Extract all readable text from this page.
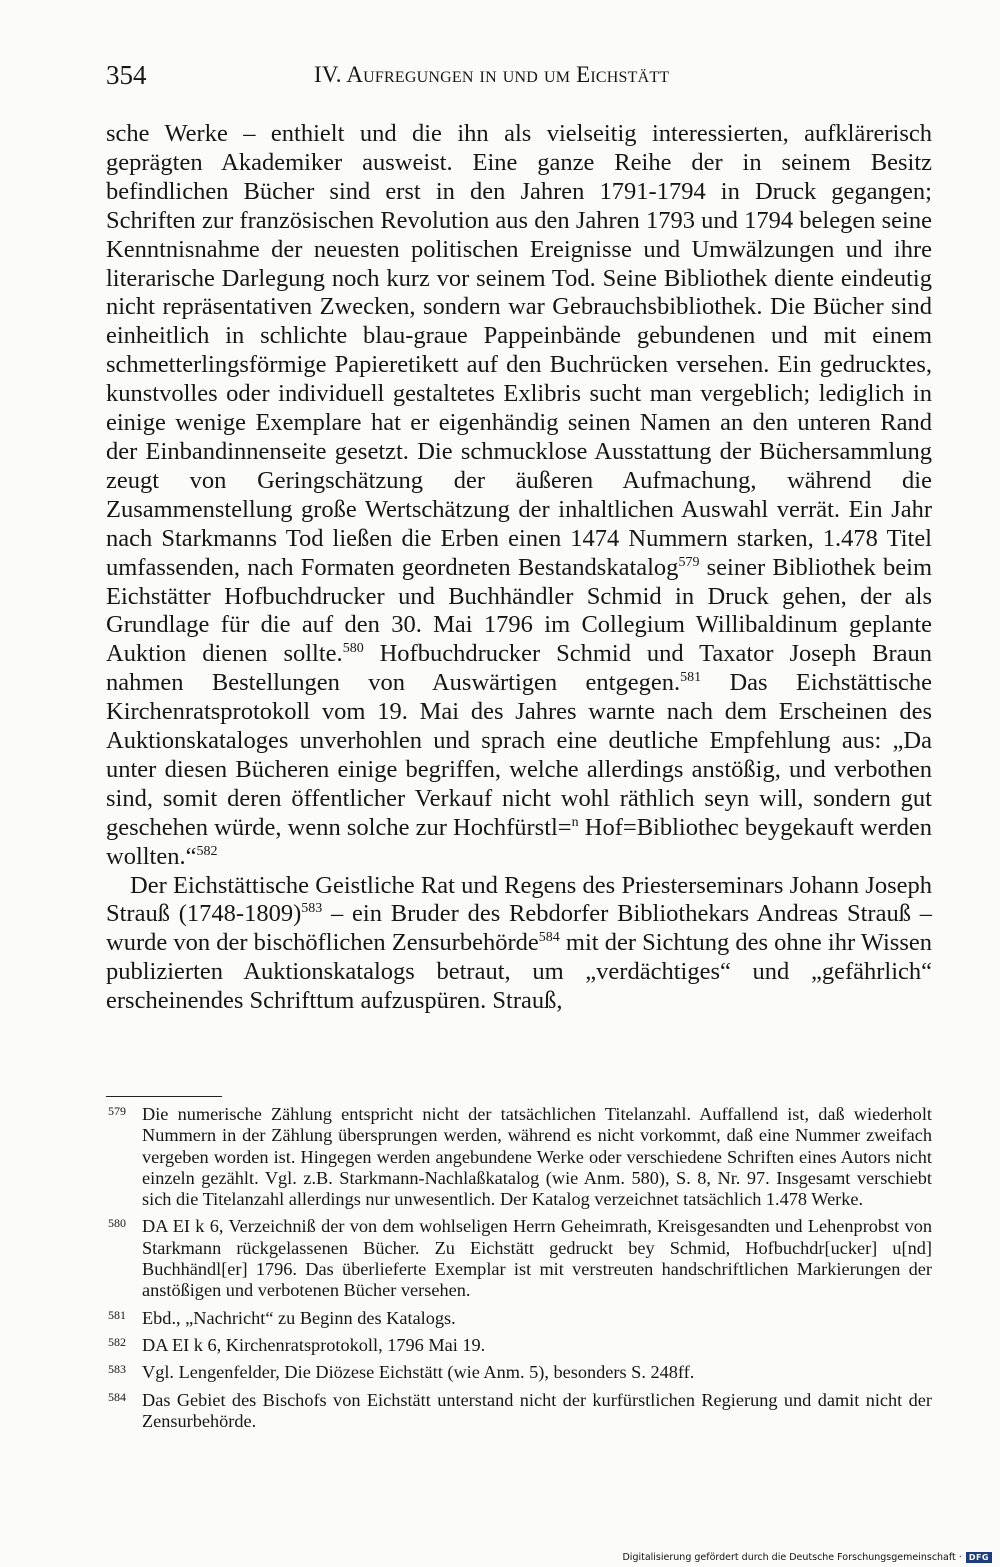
354	IV. Aufregungen in und um Eichstätt

sche Werke – enthielt und die ihn als vielseitig interessierten, aufklärerisch geprägten Akademiker ausweist. Eine ganze Reihe der in seinem Besitz befindlichen Bücher sind erst in den Jahren 1791-1794 in Druck gegangen; Schriften zur französischen Revolution aus den Jahren 1793 und 1794 belegen seine Kenntnisnahme der neuesten politischen Ereignisse und Umwälzungen und ihre literarische Darlegung noch kurz vor seinem Tod. Seine Bibliothek diente eindeutig nicht repräsentativen Zwecken, sondern war Gebrauchsbibliothek. Die Bücher sind einheitlich in schlichte blau-graue Pappeinbände gebundenen und mit einem schmetterlingsförmige Papieretikett auf den Buchrücken versehen. Ein gedrucktes, kunstvolles oder individuell gestaltetes Exlibris sucht man vergeblich; lediglich in einige wenige Exemplare hat er eigenhändig seinen Namen an den unteren Rand der Einbandinnenseite gesetzt. Die schmucklose Ausstattung der Büchersammlung zeugt von Geringschätzung der äußeren Aufmachung, während die Zusammenstellung große Wertschätzung der inhaltlichen Auswahl verrät. Ein Jahr nach Starkmanns Tod ließen die Erben einen 1474 Nummern starken, 1.478 Titel umfassenden, nach Formaten geordneten Bestandskatalog$^{579}$ seiner Bibliothek beim Eichstätter Hofbuchdrucker und Buchhändler Schmid in Druck gehen, der als Grundlage für die auf den 30. Mai 1796 im Collegium Willibaldinum geplante Auktion dienen sollte.$^{580}$ Hofbuchdrucker Schmid und Taxator Joseph Braun nahmen Bestellungen von Auswärtigen entgegen.$^{581}$ Das Eichstättische Kirchenratsprotokoll vom 19. Mai des Jahres warnte nach dem Erscheinen des Auktionskataloges unverhohlen und sprach eine deutliche Empfehlung aus: „Da unter diesen Bücheren einige begriffen, welche allerdings anstößig, und verbothen sind, somit deren öffentlicher Verkauf nicht wohl räthlich seyn will, sondern gut geschehen würde, wenn solche zur Hochfürstl=$^n$ Hof=Bibliothec beygekauft werden wollten.“$^{582}$

Der Eichstättische Geistliche Rat und Regens des Priesterseminars Johann Joseph Strauß (1748-1809)$^{583}$ – ein Bruder des Rebdorfer Bibliothekars Andreas Strauß – wurde von der bischöflichen Zensurbehörde$^{584}$ mit der Sichtung des ohne ihr Wissen publizierten Auktionskatalogs betraut, um „verdächtiges“ und „gefährlich“ erscheinendes Schrifttum aufzuspüren. Strauß,

579 Die numerische Zählung entspricht nicht der tatsächlichen Titelanzahl. Auffallend ist, daß wiederholt Nummern in der Zählung übersprungen werden, während es nicht vorkommt, daß eine Nummer zweifach vergeben worden ist. Hingegen werden angebundene Werke oder verschiedene Schriften eines Autors nicht einzeln gezählt. Vgl. z.B. Starkmann-Nachlaßkatalog (wie Anm. 580), S. 8, Nr. 97. Insgesamt verschiebt sich die Titelanzahl allerdings nur unwesentlich. Der Katalog verzeichnet tatsächlich 1.478 Werke.

580 DA EI k 6, Verzeichniß der von dem wohlseligen Herrn Geheimrath, Kreisgesandten und Lehenprobst von Starkmann rückgelassenen Bücher. Zu Eichstätt gedruckt bey Schmid, Hofbuchdr[ucker] u[nd] Buchhändl[er] 1796. Das überlieferte Exemplar ist mit verstreuten handschriftlichen Markierungen der anstößigen und verbotenen Bücher versehen.

581 Ebd., „Nachricht“ zu Beginn des Katalogs.

582 DA EI k 6, Kirchenratsprotokoll, 1796 Mai 19.

583 Vgl. Lengenfelder, Die Diözese Eichstätt (wie Anm. 5), besonders S. 248ff.

584 Das Gebiet des Bischofs von Eichstätt unterstand nicht der kurfürstlichen Regierung und damit nicht der Zensurbehörde.

Digitalisierung gefördert durch die Deutsche Forschungsgemeinschaft · DFG
